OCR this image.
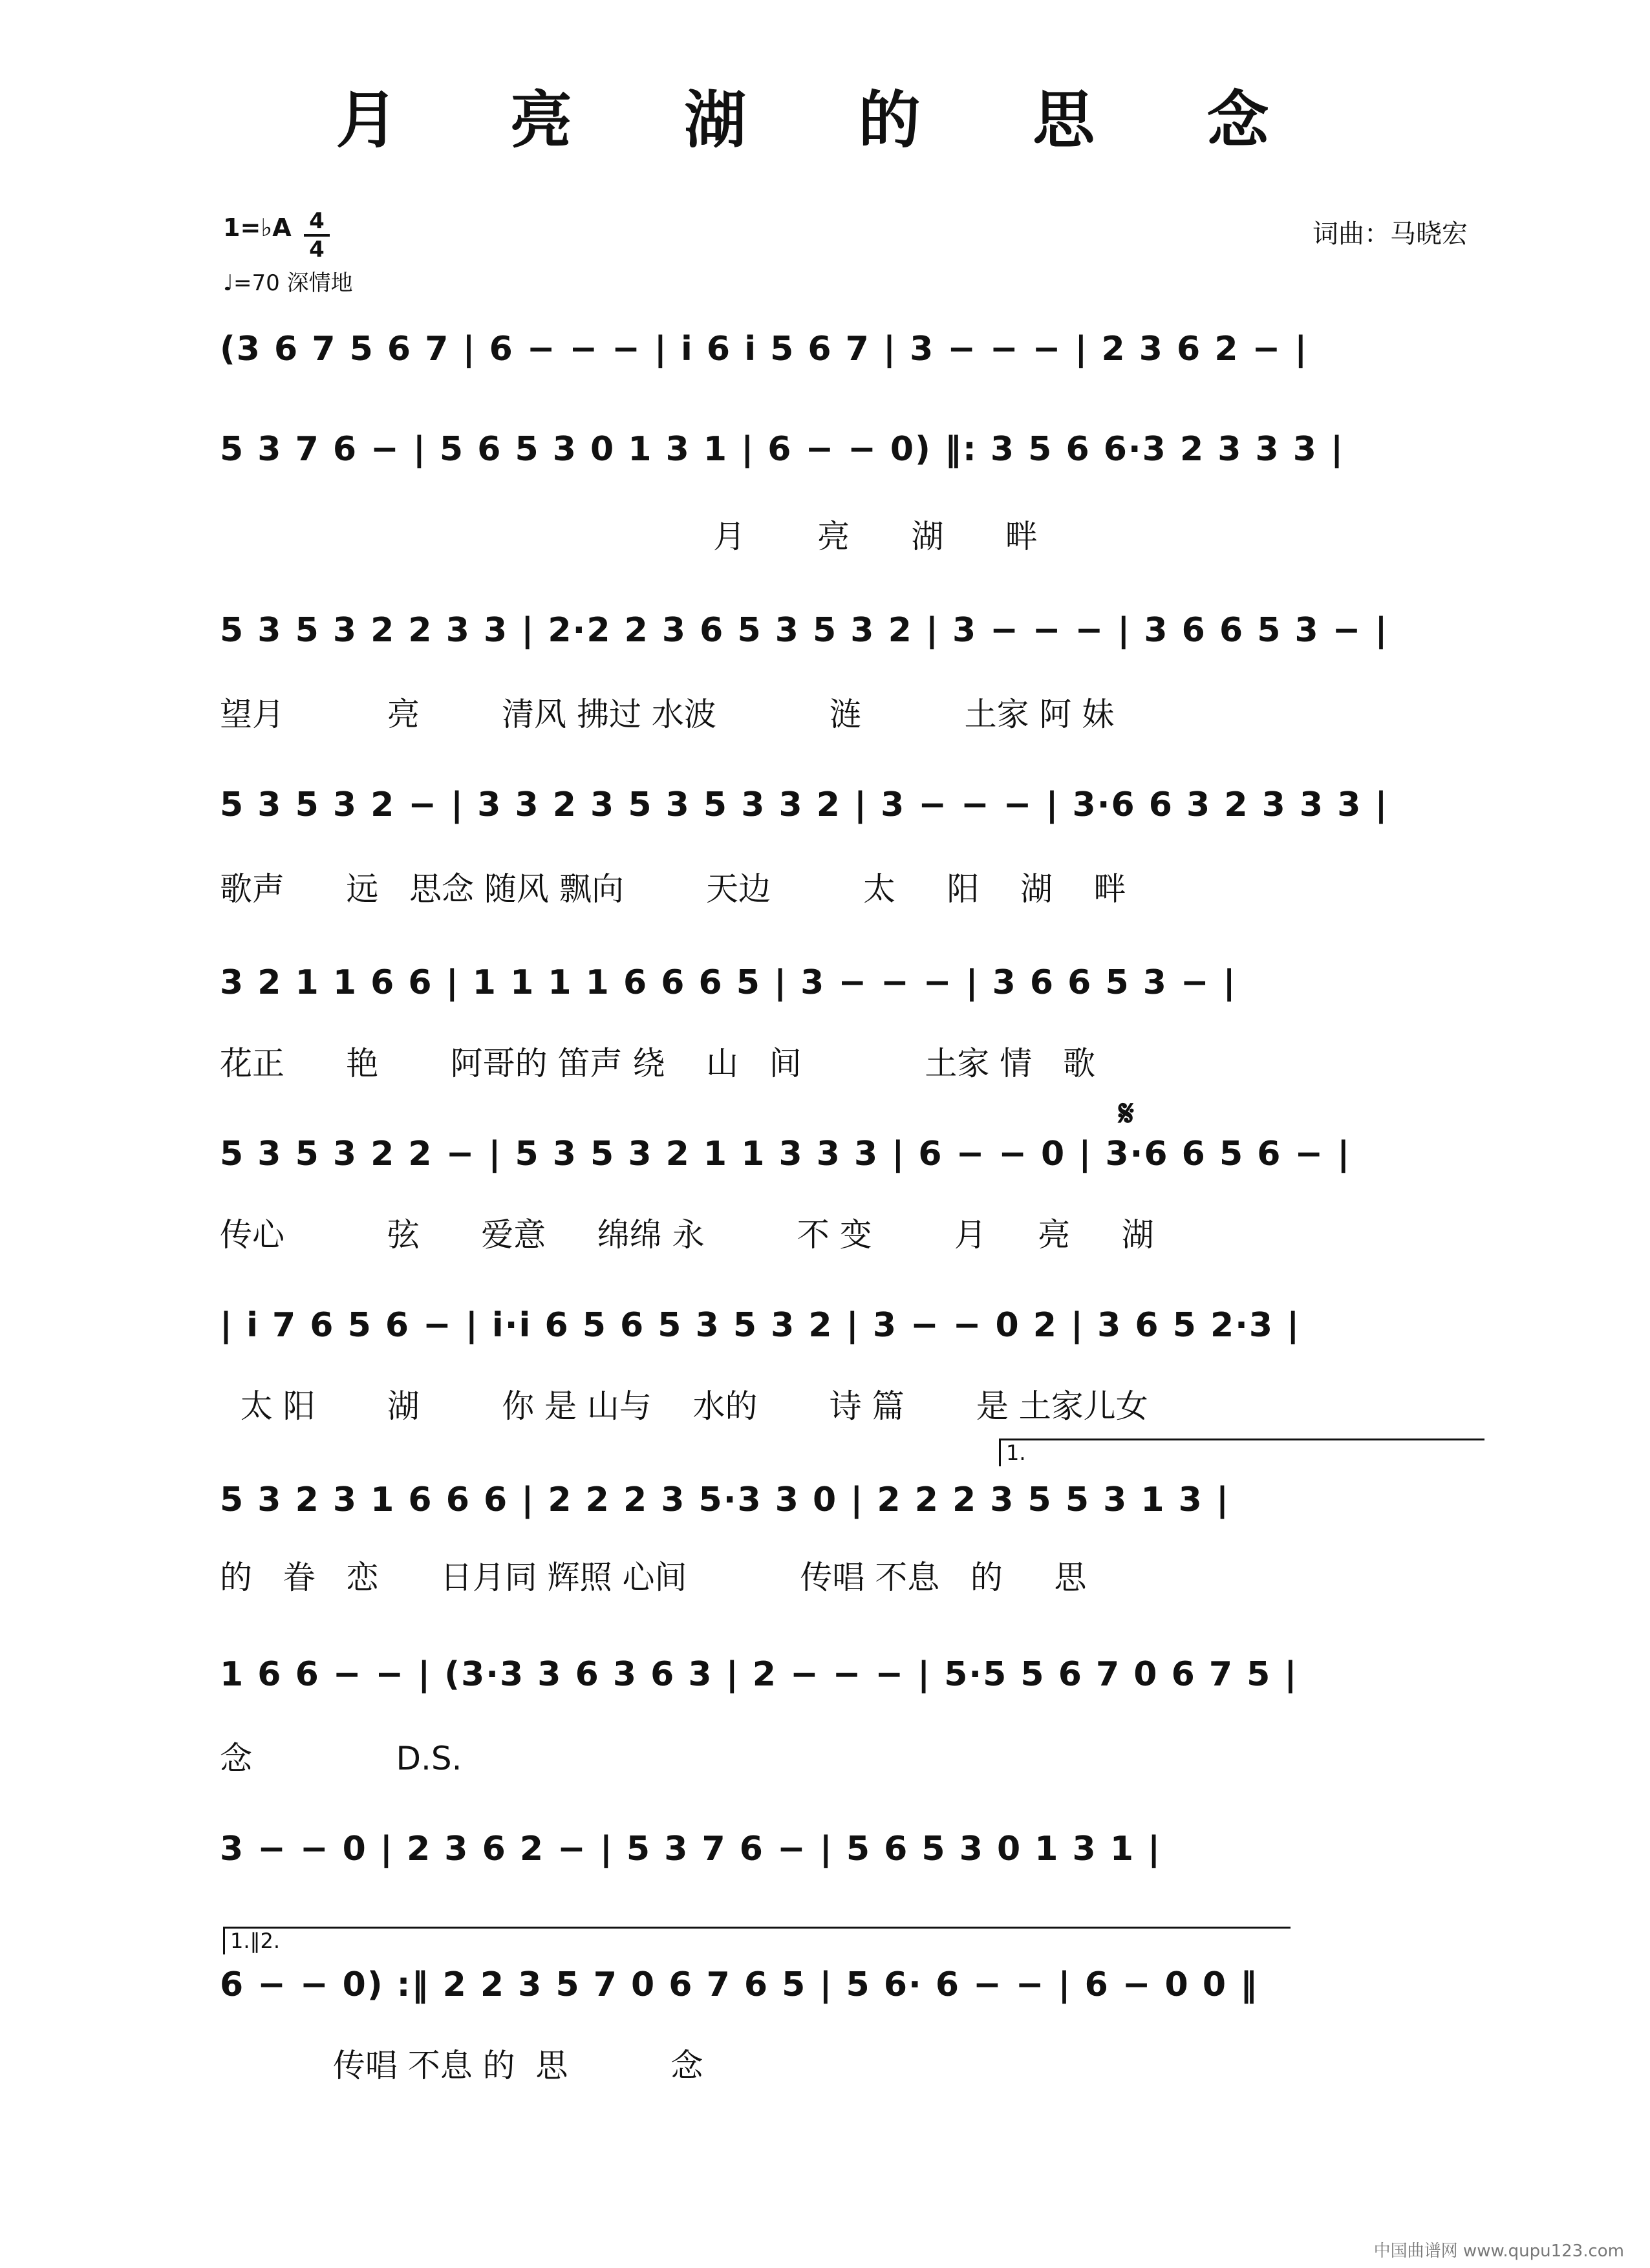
月 亮 湖 的 思 念
1=♭A $\frac{4}{4}$
♩=70 深情地
词曲：马晓宏
(3 6 7 5 6 7 | 6 − − − | i 6 i 5 6 7 | 3 − − − | 2 3 6 2 − |
5 3 7 6 − | 5 6 5 3 0 1 3 1 | 6 − − 0) ‖: 3 5 6 6·3 2 3 3 3 |
月       亮      湖      畔
5 3 5 3 2 2 3 3 | 2·2 2 3 6 5 3 5 3 2 | 3 − − − | 3 6 6 5 3 − |
望月          亮        清风 拂过 水波           涟          土家 阿 妹
5 3 5 3 2 − | 3 3 2 3 5 3 5 3 3 2 | 3 − − − | 3·6 6 3 2 3 3 3 |
歌声      远   思念 随风 飘向        天边         太     阳    湖    畔
3 2 1 1 6 6 | 1 1 1 1 6 6 6 5 | 3 − − − | 3 6 6 5 3 − |
花正      艳       阿哥的 笛声 绕    山   间            土家 情   歌
𝄋
5 3 5 3 2 2 − | 5 3 5 3 2 1 1 3 3 3 | 6 − − 0 | 3·6 6 5 6 − |
传心          弦      爱意     绵绵 永         不 变        月     亮     湖
| i 7 6 5 6 − | i·i 6 5 6 5 3 5 3 2 | 3 − − 0 2 | 3 6 5 2·3 |
太 阳       湖        你 是 山与    水的       诗 篇       是 土家儿女
1.
5 3 2 3 1 6 6 6 | 2 2 2 3 5·3 3 0 | 2 2 2 3 5 5 3 1 3 |
的   眷   恋      日月同 辉照 心间           传唱 不息   的     思
1 6 6 − − | (3·3 3 6 3 6 3 | 2 − − − | 5·5 5 6 7 0 6 7 5 |
念              D.S.
3 − − 0 | 2 3 6 2 − | 5 3 7 6 − | 5 6 5 3 0 1 3 1 |
1.‖2.
6 − − 0) :‖ 2 2 3 5 7 0 6 7 6 5 | 5 6· 6 − − | 6 − 0 0 ‖
传唱 不息 的  思          念
中国曲谱网 www.qupu123.com
